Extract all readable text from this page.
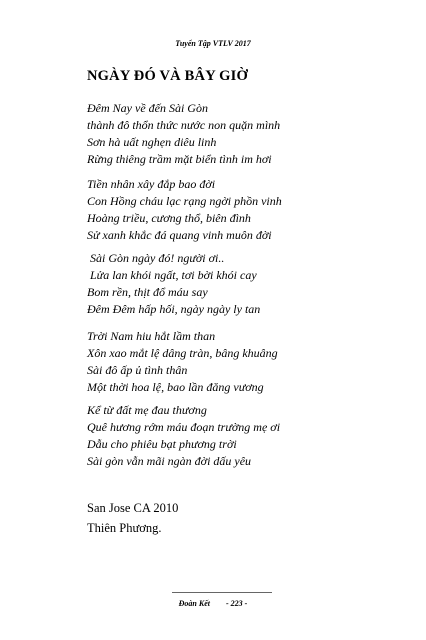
Tuyển Tập VTLV 2017
NGÀY ĐÓ VÀ BÂY GIỜ
Đêm Nay về đến Sài Gòn
thành đô thổn thức nước non quặn mình
Sơn hà uất nghẹn diêu linh
Rừng thiêng trầm mặt biển tình im hơi
Tiền nhân xây đắp bao đời
Con Hồng cháu lạc rạng ngời phồn vinh
Hoàng triều, cương thổ, biên đình
Sử xanh khắc đá quang vinh muôn đời
Sài Gòn ngày đó! người ơi..
Lửa lan khói ngất, tơi bời khói cay
Bom rền, thịt đổ máu say
Đêm Đêm hấp hối, ngày ngày ly tan
Trời Nam hiu hắt lầm than
Xôn xao mắt lệ dâng tràn, bâng khuâng
Sài đô ấp ủ tình thân
Một thời hoa lệ, bao lần đăng vương
Kể từ đất mẹ đau thương
Quê hương rớm máu đoạn trường mẹ ơi
Dẫu cho phiêu bạt phương trời
Sài gòn vẫn mãi ngàn đời dấu yêu
San Jose CA 2010
Thiên Phương.
Đoàn Kết - 223 -
